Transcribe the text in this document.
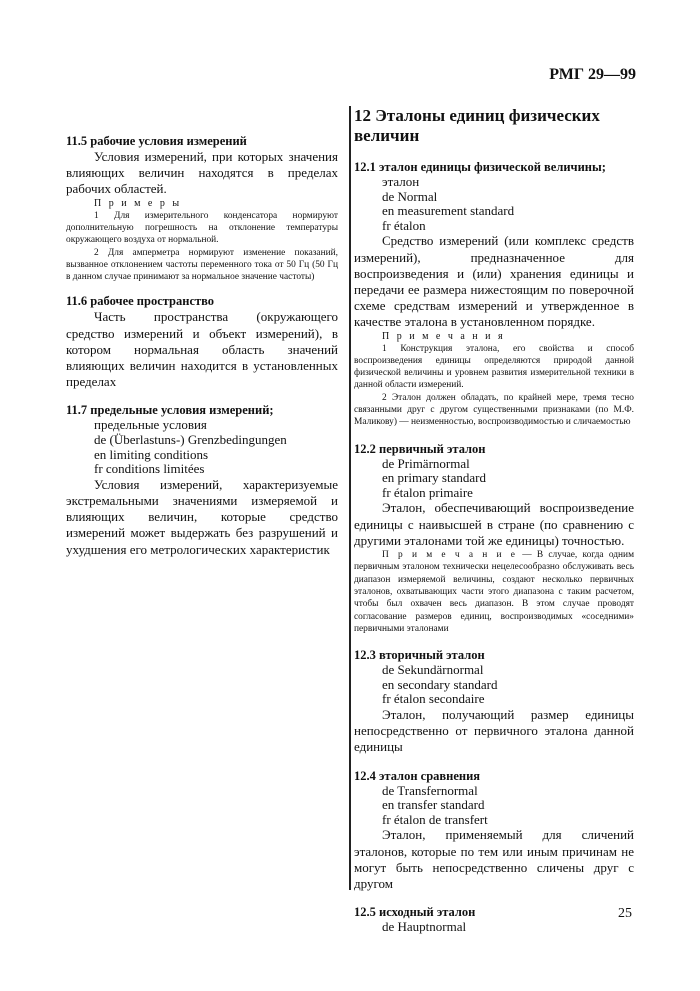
РМГ 29—99
11.5 рабочие условия измерений
Условия измерений, при которых значения влияющих величин находятся в пределах рабочих областей.
П р и м е р ы
1 Для измерительного конденсатора нормируют дополнительную погрешность на отклонение температуры окружающего воздуха от нормальной.
2 Для амперметра нормируют изменение показаний, вызванное отклонением частоты переменного тока от 50 Гц (50 Гц в данном случае принимают за нормальное значение частоты)
11.6 рабочее пространство
Часть пространства (окружающего средство измерений и объект измерений), в котором нормальная область значений влияющих величин находится в установленных пределах
11.7 предельные условия измерений;
предельные условия
de (Überlastuns-) Grenzbedingungen
en limiting conditions
fr conditions limitées
Условия измерений, характеризуемые экстремальными значениями измеряемой и влияющих величин, которые средство измерений может выдержать без разрушений и ухудшения его метрологических характеристик
12 Эталоны единиц физических величин
12.1 эталон единицы физической величины;
эталон
de Normal
en measurement standard
fr étalon
Средство измерений (или комплекс средств измерений), предназначенное для воспроизведения и (или) хранения единицы и передачи ее размера нижестоящим по поверочной схеме средствам измерений и утвержденное в качестве эталона в установленном порядке.
П р и м е ч а н и я
1 Конструкция эталона, его свойства и способ воспроизведения единицы определяются природой данной физической величины и уровнем развития измерительной техники в данной области измерений.
2 Эталон должен обладать, по крайней мере, тремя тесно связанными друг с другом существенными признаками (по М.Ф. Маликову) — неизменностью, воспроизводимостью и сличаемостью
12.2 первичный эталон
de Primärnormal
en primary standard
fr étalon primaire
Эталон, обеспечивающий воспроизведение единицы с наивысшей в стране (по сравнению с другими эталонами той же единицы) точностью.
П р и м е ч а н и е — В случае, когда одним первичным эталоном технически нецелесообразно обслуживать весь диапазон измеряемой величины, создают несколько первичных эталонов, охватывающих части этого диапазона с таким расчетом, чтобы был охвачен весь диапазон. В этом случае проводят согласование размеров единиц, воспроизводимых «соседними» первичными эталонами
12.3 вторичный эталон
de Sekundärnormal
en secondary standard
fr étalon secondaire
Эталон, получающий размер единицы непосредственно от первичного эталона данной единицы
12.4 эталон сравнения
de Transfernormal
en transfer standard
fr étalon de transfert
Эталон, применяемый для сличений эталонов, которые по тем или иным причинам не могут быть непосредственно сличены друг с другом
12.5 исходный эталон
de Hauptnormal
25
